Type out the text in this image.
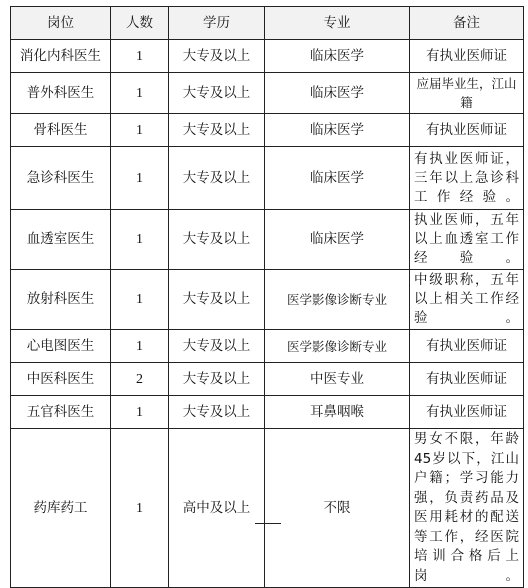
岗位	人数	学历	专业	备注
消化内科医生	1	大专及以上	临床医学	有执业医师证
普外科医生	1	大专及以上	临床医学	应届毕业生，江山籍
骨科医生	1	大专及以上	临床医学	有执业医师证
急诊科医生	1	大专及以上	临床医学	有执业医师证，三年以上急诊科工作经验。
血透室医生	1	大专及以上	临床医学	执业医师，五年以上血透室工作经验。
放射科医生	1	大专及以上	医学影像诊断专业	中级职称，五年以上相关工作经验。
心电图医生	1	大专及以上	医学影像诊断专业	有执业医师证
中医科医生	2	大专及以上	中医专业	有执业医师证
五官科医生	1	大专及以上	耳鼻咽喉	有执业医师证
药库药工	1	高中及以上	不限	男女不限，年龄45岁以下，江山户籍；学习能力强，负责药品及医用耗材的配送等工作，经医院培训合格后上岗。
